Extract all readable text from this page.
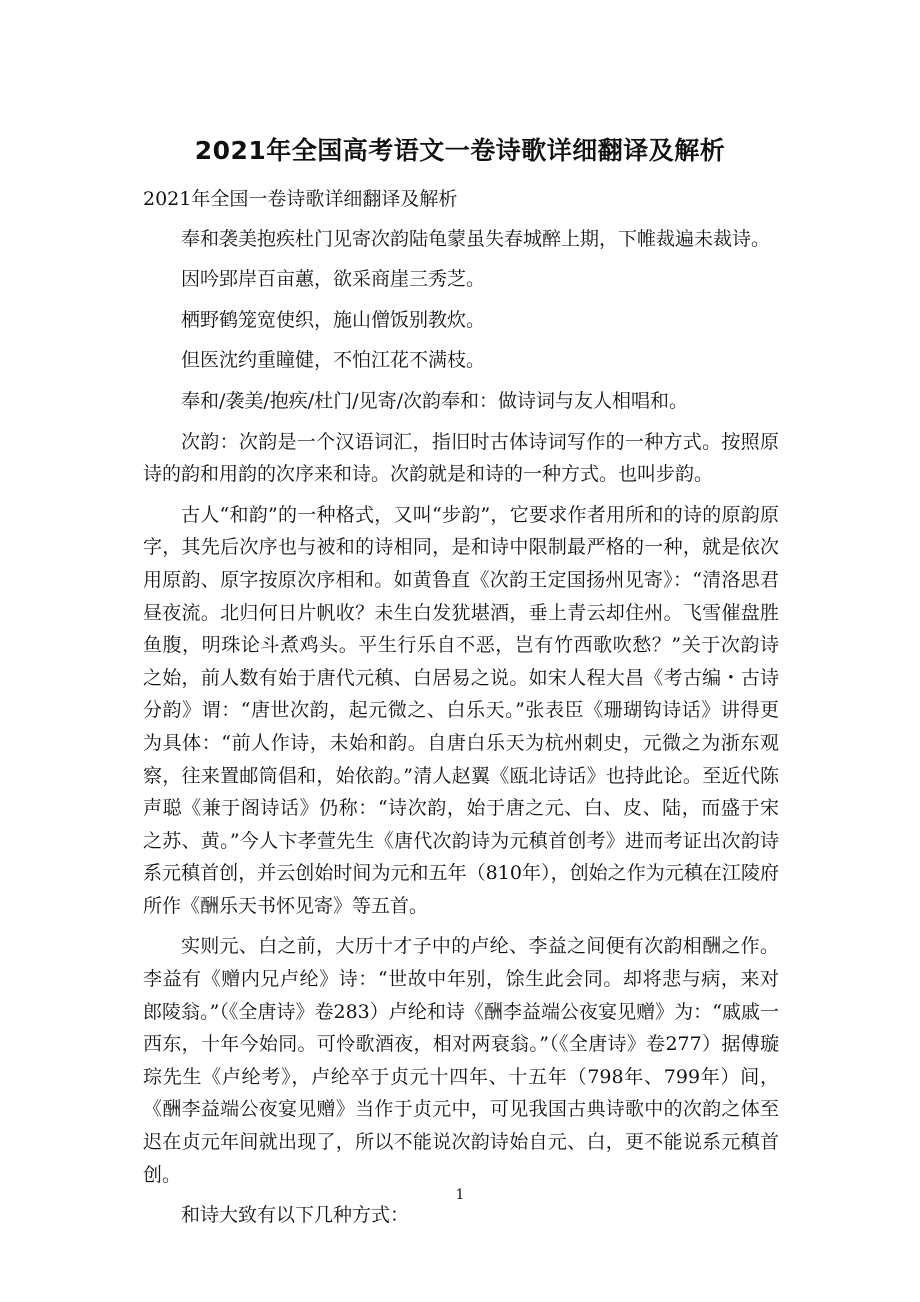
2021年全国高考语文一卷诗歌详细翻译及解析

2021年全国一卷诗歌详细翻译及解析

奉和袭美抱疾杜门见寄次韵陆龟蒙虽失春城醉上期，下帷裁遍未裁诗。

因吟郢岸百亩蕙，欲采商崖三秀芝。

栖野鹤笼宽使织，施山僧饭别教炊。

但医沈约重瞳健，不怕江花不满枝。

奉和/袭美/抱疾/杜门/见寄/次韵奉和：做诗词与友人相唱和。

次韵：次韵是一个汉语词汇，指旧时古体诗词写作的一种方式。按照原诗的韵和用韵的次序来和诗。次韵就是和诗的一种方式。也叫步韵。

古人“和韵”的一种格式，又叫“步韵”，它要求作者用所和的诗的原韵原字，其先后次序也与被和的诗相同，是和诗中限制最严格的一种，就是依次用原韵、原字按原次序相和。如黄鲁直《次韵王定国扬州见寄》：“清洛思君昼夜流。北归何日片帆收？未生白发犹堪酒，垂上青云却住州。飞雪催盘胜鱼腹，明珠论斗煮鸡头。平生行乐自不恶，岂有竹西歌吹愁？”关于次韵诗之始，前人数有始于唐代元稹、白居易之说。如宋人程大昌《考古编・古诗分韵》谓：“唐世次韵，起元微之、白乐天。”张表臣《珊瑚钩诗话》讲得更为具体：“前人作诗，未始和韵。自唐白乐天为杭州刺史，元微之为浙东观察，往来置邮筒倡和，始依韵。”清人赵翼《瓯北诗话》也持此论。至近代陈声聪《兼于阁诗话》仍称：“诗次韵，始于唐之元、白、皮、陆，而盛于宋之苏、黄。”今人卞孝萱先生《唐代次韵诗为元稹首创考》进而考证出次韵诗系元稹首创，并云创始时间为元和五年（810年），创始之作为元稹在江陵府所作《酬乐天书怀见寄》等五首。

实则元、白之前，大历十才子中的卢纶、李益之间便有次韵相酬之作。李益有《赠内兄卢纶》诗：“世故中年别，馀生此会同。却将悲与病，来对郎陵翁。”（《全唐诗》卷283）卢纶和诗《酬李益端公夜宴见赠》为：“戚戚一西东，十年今始同。可怜歌酒夜，相对两衰翁。”（《全唐诗》卷277）据傅璇琮先生《卢纶考》，卢纶卒于贞元十四年、十五年（798年、799年）间，《酬李益端公夜宴见赠》当作于贞元中，可见我国古典诗歌中的次韵之体至迟在贞元年间就出现了，所以不能说次韵诗始自元、白，更不能说系元稹首创。

和诗大致有以下几种方式：

1
